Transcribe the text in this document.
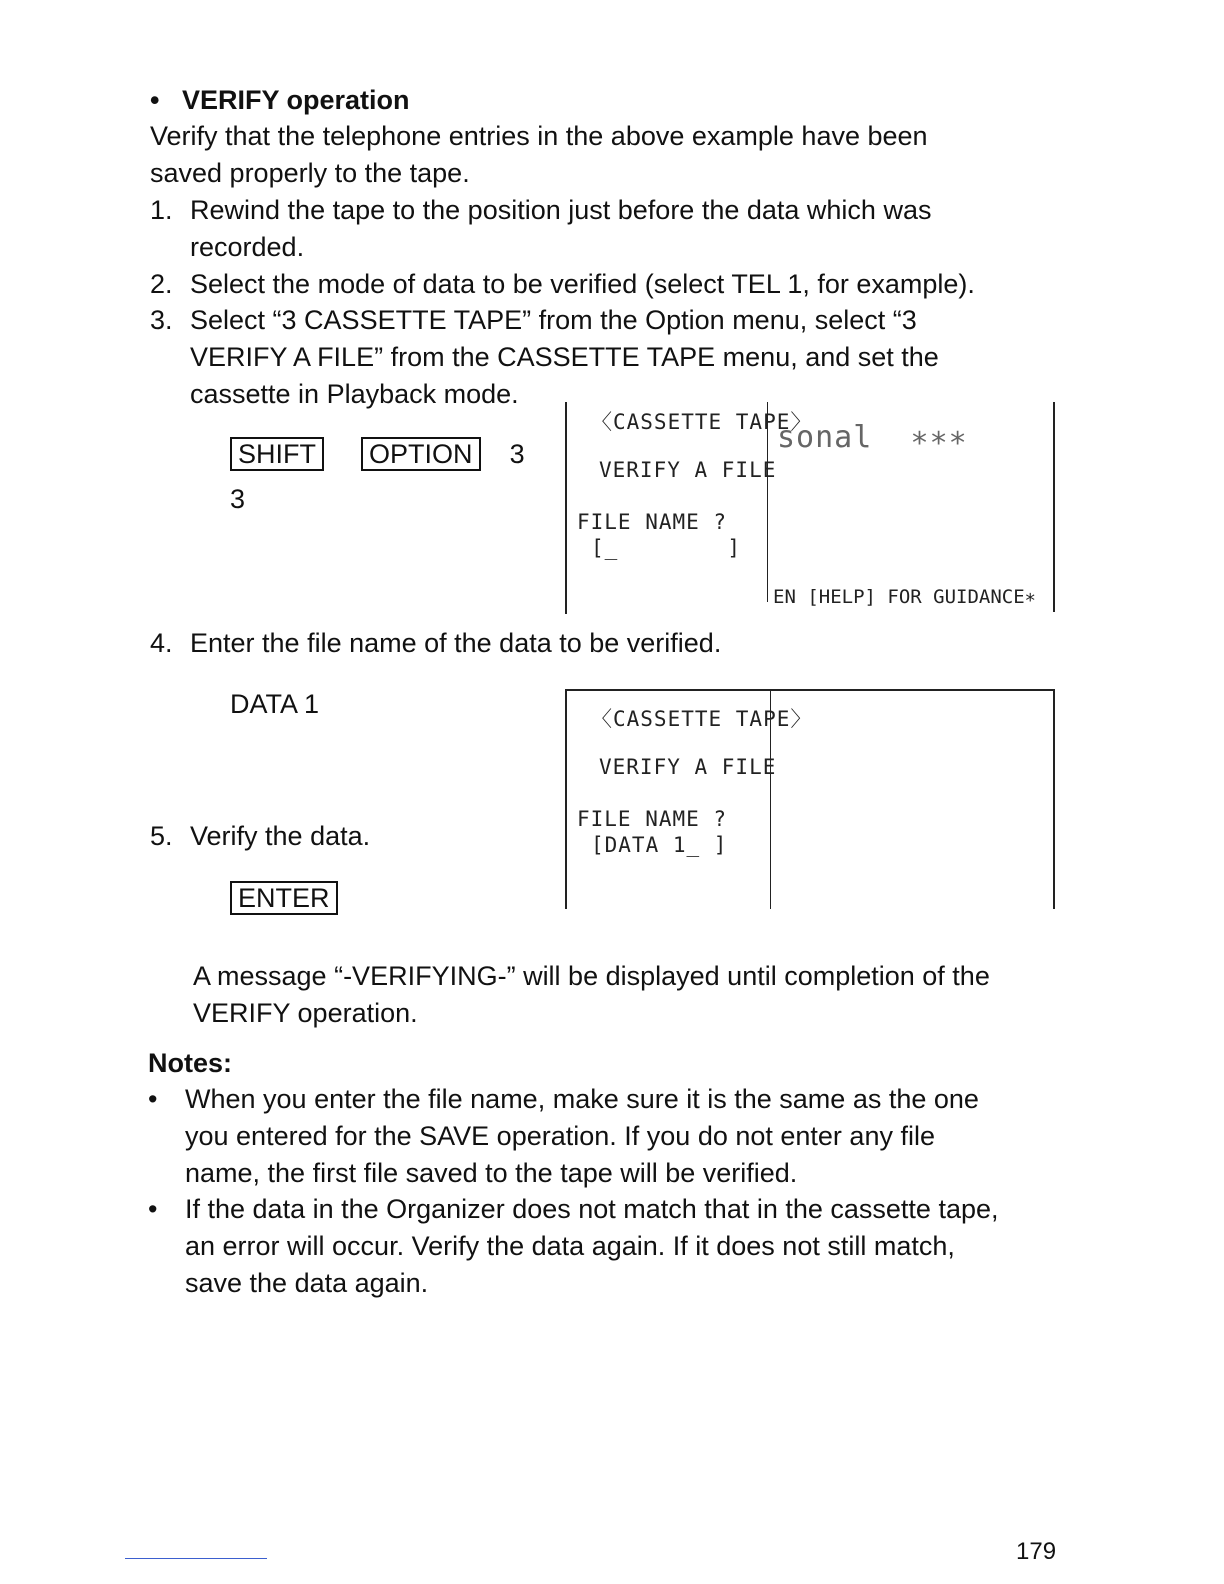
• VERIFY operation
Verify that the telephone entries in the above example have been
saved properly to the tape.
1. Rewind the tape to the position just before the data which was
recorded.
2. Select the mode of data to be verified (select TEL 1, for example).
3. Select “3 CASSETTE TAPE” from the Option menu, select “3
VERIFY A FILE” from the CASSETTE TAPE menu, and set the
cassette in Playback mode.
SHIFT OPTION 3
3
〈CASSETTE TAPE〉
VERIFY A FILE
FILE NAME ?
[_        ]
sonal  ∗∗∗
EN [HELP] FOR GUIDANCE∗
4. Enter the file name of the data to be verified.
DATA 1	〈CASSETTE TAPE〉
VERIFY A FILE
FILE NAME ?
[DATA 1_ ]
5. Verify the data.
ENTER
A message “-VERIFYING-” will be displayed until completion of the
VERIFY operation.
Notes:
• When you enter the file name, make sure it is the same as the one
you entered for the SAVE operation. If you do not enter any file
name, the first file saved to the tape will be verified.
• If the data in the Organizer does not match that in the cassette tape,
an error will occur. Verify the data again. If it does not still match,
save the data again.
179
